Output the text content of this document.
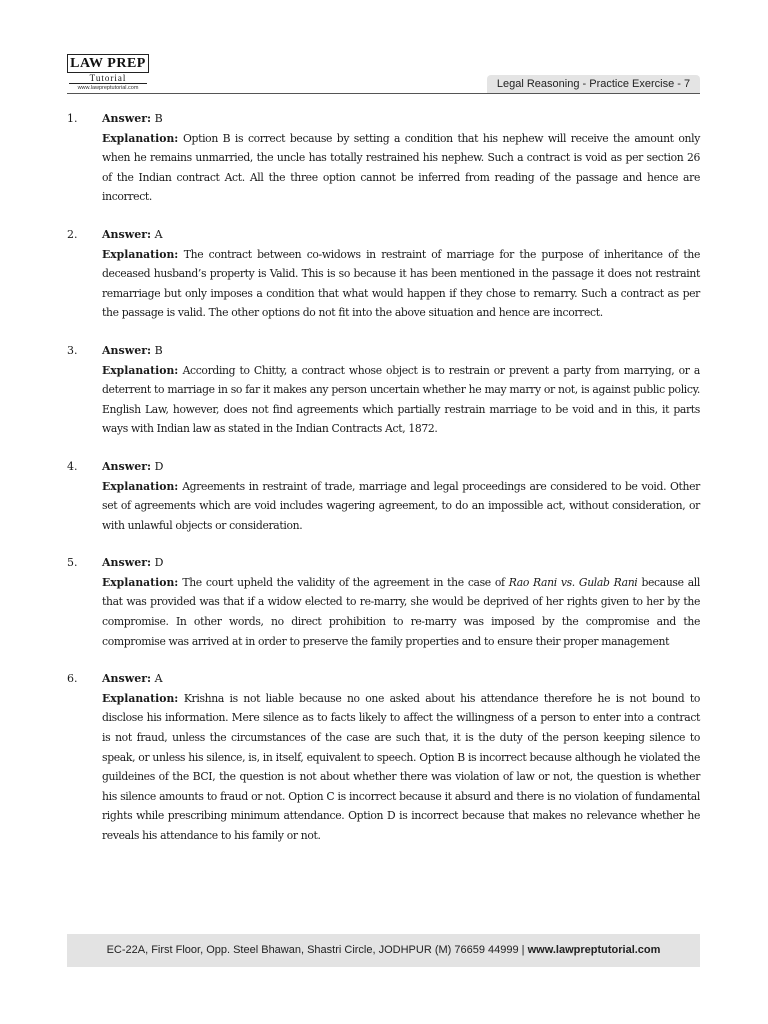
LAW PREP
Tutorial
www.lawpreptutorial.com	Legal Reasoning - Practice Exercise - 7
1. Answer: B
Explanation: Option B is correct because by setting a condition that his nephew will receive the amount only when he remains unmarried, the uncle has totally restrained his nephew. Such a contract is void as per section 26 of the Indian contract Act. All the three option cannot be inferred from reading of the passage and hence are incorrect.
2. Answer: A
Explanation: The contract between co-widows in restraint of marriage for the purpose of inheritance of the deceased husband’s property is Valid. This is so because it has been mentioned in the passage it does not restraint remarriage but only imposes a condition that what would happen if they chose to remarry. Such a contract as per the passage is valid. The other options do not fit into the above situation and hence are incorrect.
3. Answer: B
Explanation: According to Chitty, a contract whose object is to restrain or prevent a party from marrying, or a deterrent to marriage in so far it makes any person uncertain whether he may marry or not, is against public policy. English Law, however, does not find agreements which partially restrain marriage to be void and in this, it parts ways with Indian law as stated in the Indian Contracts Act, 1872.
4. Answer: D
Explanation: Agreements in restraint of trade, marriage and legal proceedings are considered to be void. Other set of agreements which are void includes wagering agreement, to do an impossible act, without consideration, or with unlawful objects or consideration.
5. Answer: D
Explanation: The court upheld the validity of the agreement in the case of Rao Rani vs. Gulab Rani because all that was provided was that if a widow elected to re-marry, she would be deprived of her rights given to her by the compromise. In other words, no direct prohibition to re-marry was imposed by the compromise and the compromise was arrived at in order to preserve the family properties and to ensure their proper management
6. Answer: A
Explanation: Krishna is not liable because no one asked about his attendance therefore he is not bound to disclose his information. Mere silence as to facts likely to affect the willingness of a person to enter into a contract is not fraud, unless the circumstances of the case are such that, it is the duty of the person keeping silence to speak, or unless his silence, is, in itself, equivalent to speech. Option B is incorrect because although he violated the guildeines of the BCI, the question is not about whether there was violation of law or not, the question is whether his silence amounts to fraud or not. Option C is incorrect because it absurd and there is no violation of fundamental rights while prescribing minimum attendance. Option D is incorrect because that makes no relevance whether he reveals his attendance to his family or not.
EC-22A, First Floor, Opp. Steel Bhawan, Shastri Circle, JODHPUR (M) 76659 44999 | www.lawpreptutorial.com
